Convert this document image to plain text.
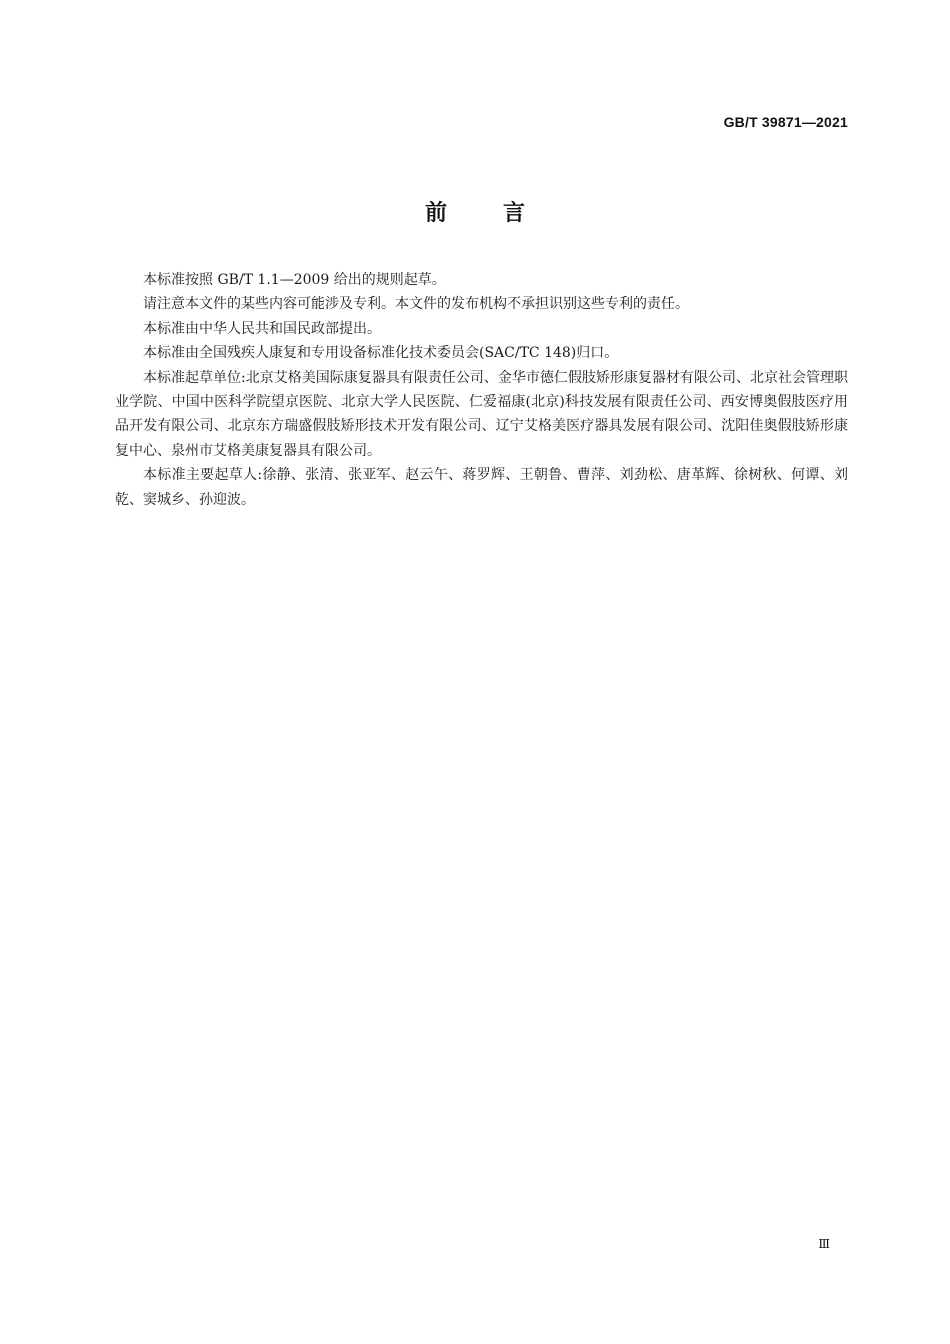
GB/T 39871—2021
前言

本标准按照 GB/T 1.1—2009 给出的规则起草。

请注意本文件的某些内容可能涉及专利。本文件的发布机构不承担识别这些专利的责任。

本标准由中华人民共和国民政部提出。

本标准由全国残疾人康复和专用设备标准化技术委员会(SAC/TC 148)归口。

本标准起草单位:北京艾格美国际康复器具有限责任公司、金华市德仁假肢矫形康复器材有限公司、北京社会管理职业学院、中国中医科学院望京医院、北京大学人民医院、仁爱福康(北京)科技发展有限责任公司、西安博奥假肢医疗用品开发有限公司、北京东方瑞盛假肢矫形技术开发有限公司、辽宁艾格美医疗器具发展有限公司、沈阳佳奥假肢矫形康复中心、泉州市艾格美康复器具有限公司。

本标准主要起草人:徐静、张清、张亚军、赵云午、蒋罗辉、王朝鲁、曹萍、刘劲松、唐革辉、徐树秋、何谭、刘乾、窦城乡、孙迎波。

Ⅲ
